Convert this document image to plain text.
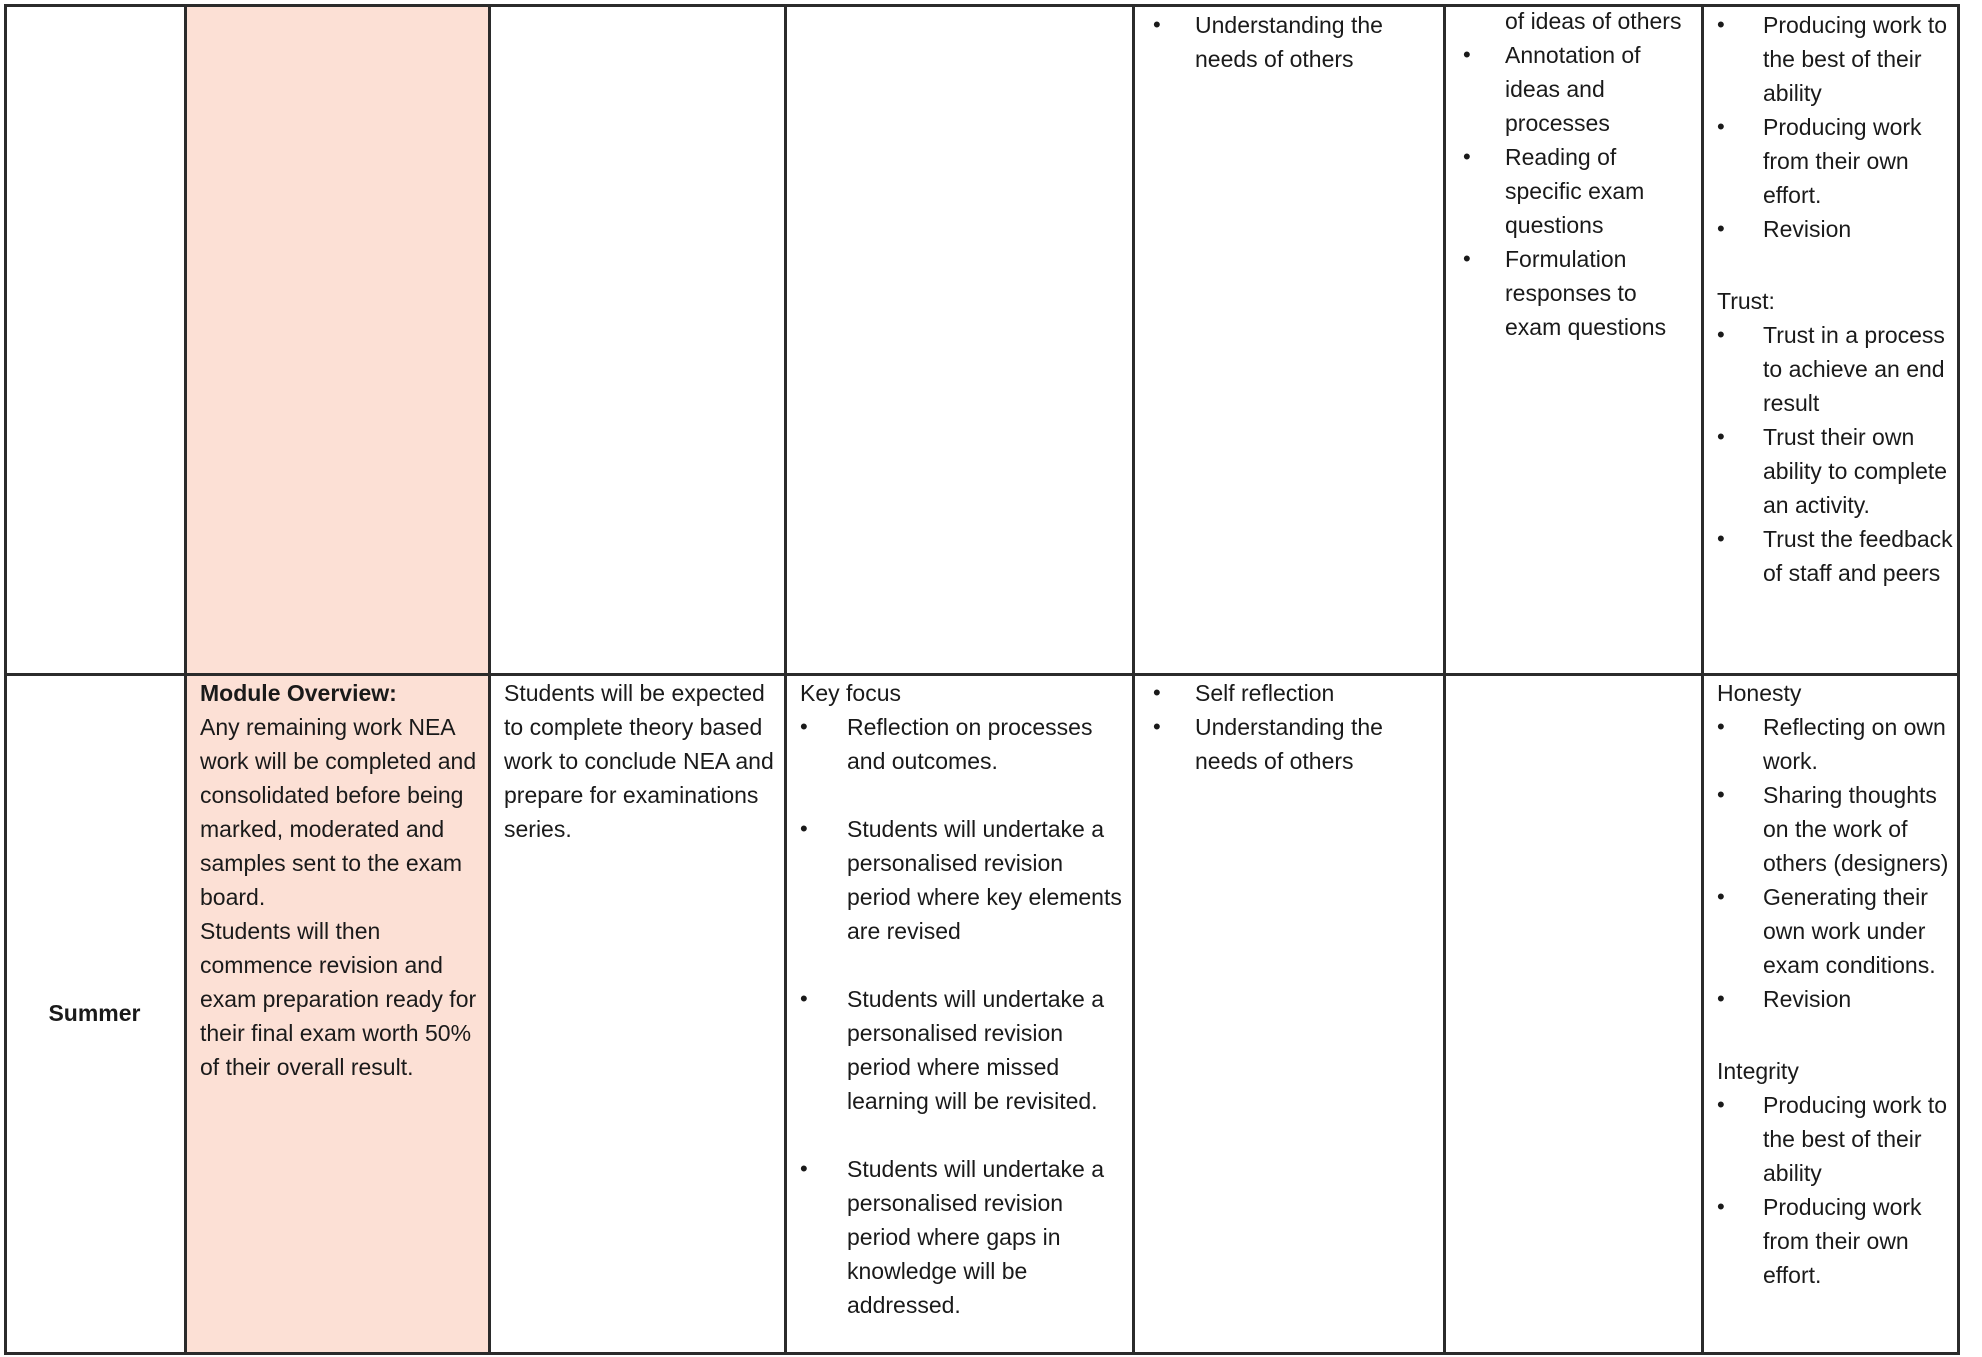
• Understanding the needs of others

of ideas of others

• Annotation of ideas and processes

• Reading of specific exam questions

• Formulation responses to exam questions

• Producing work to the best of their ability

• Producing work from their own effort.

• Revision

Trust:

• Trust in a process to achieve an end result

• Trust their own ability to complete an activity.

• Trust the feedback of staff and peers

Summer

Module Overview:

Any remaining work NEA work will be completed and consolidated before being marked, moderated and samples sent to the exam board.

Students will then commence revision and exam preparation ready for their final exam worth 50% of their overall result.

Students will be expected to complete theory based work to conclude NEA and prepare for examinations series.

Key focus

• Reflection on processes and outcomes.

• Students will undertake a personalised revision period where key elements are revised

• Students will undertake a personalised revision period where missed learning will be revisited.

• Students will undertake a personalised revision period where gaps in knowledge will be addressed.

• Self reflection

• Understanding the needs of others

Honesty

• Reflecting on own work.

• Sharing thoughts on the work of others (designers)

• Generating their own work under exam conditions.

• Revision

Integrity

• Producing work to the best of their ability

• Producing work from their own effort.
